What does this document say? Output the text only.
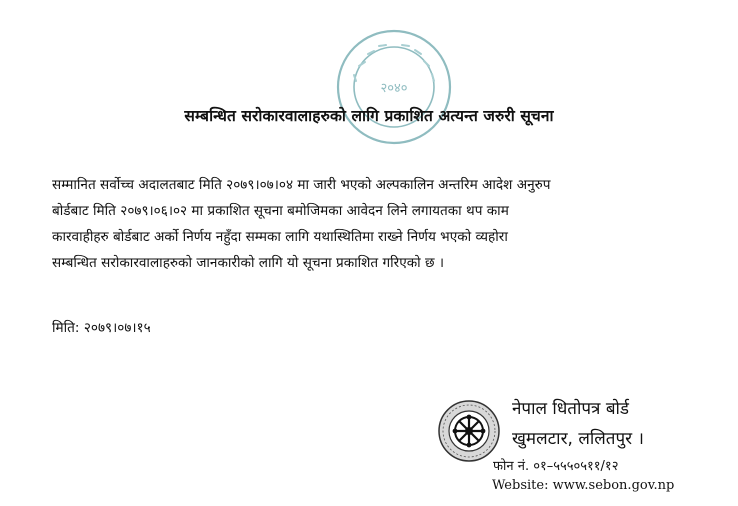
२०४०
सम्बन्धित सरोकारवालाहरुको लागि प्रकाशित अत्यन्त जरुरी सूचना

सम्मानित सर्वोच्च अदालतबाट मिति २०७९।०७।०४ मा जारी भएको अल्पकालिन अन्तरिम आदेश अनुरुप

बोर्डबाट मिति २०७९।०६।०२ मा प्रकाशित सूचना बमोजिमका आवेदन लिने लगायतका थप काम

कारवाहीहरु बोर्डबाट अर्को निर्णय नहुँदा सम्मका लागि यथास्थितिमा राख्ने निर्णय भएको व्यहोरा

सम्बन्धित सरोकारवालाहरुको जानकारीको लागि यो सूचना प्रकाशित गरिएको छ ।

मिति: २०७९।०७।१५
नेपाल धितोपत्र बोर्ड
खुमलटार, ललितपुर ।
फोन नं. ०१–५५५०५११/१२
Website: www.sebon.gov.np
